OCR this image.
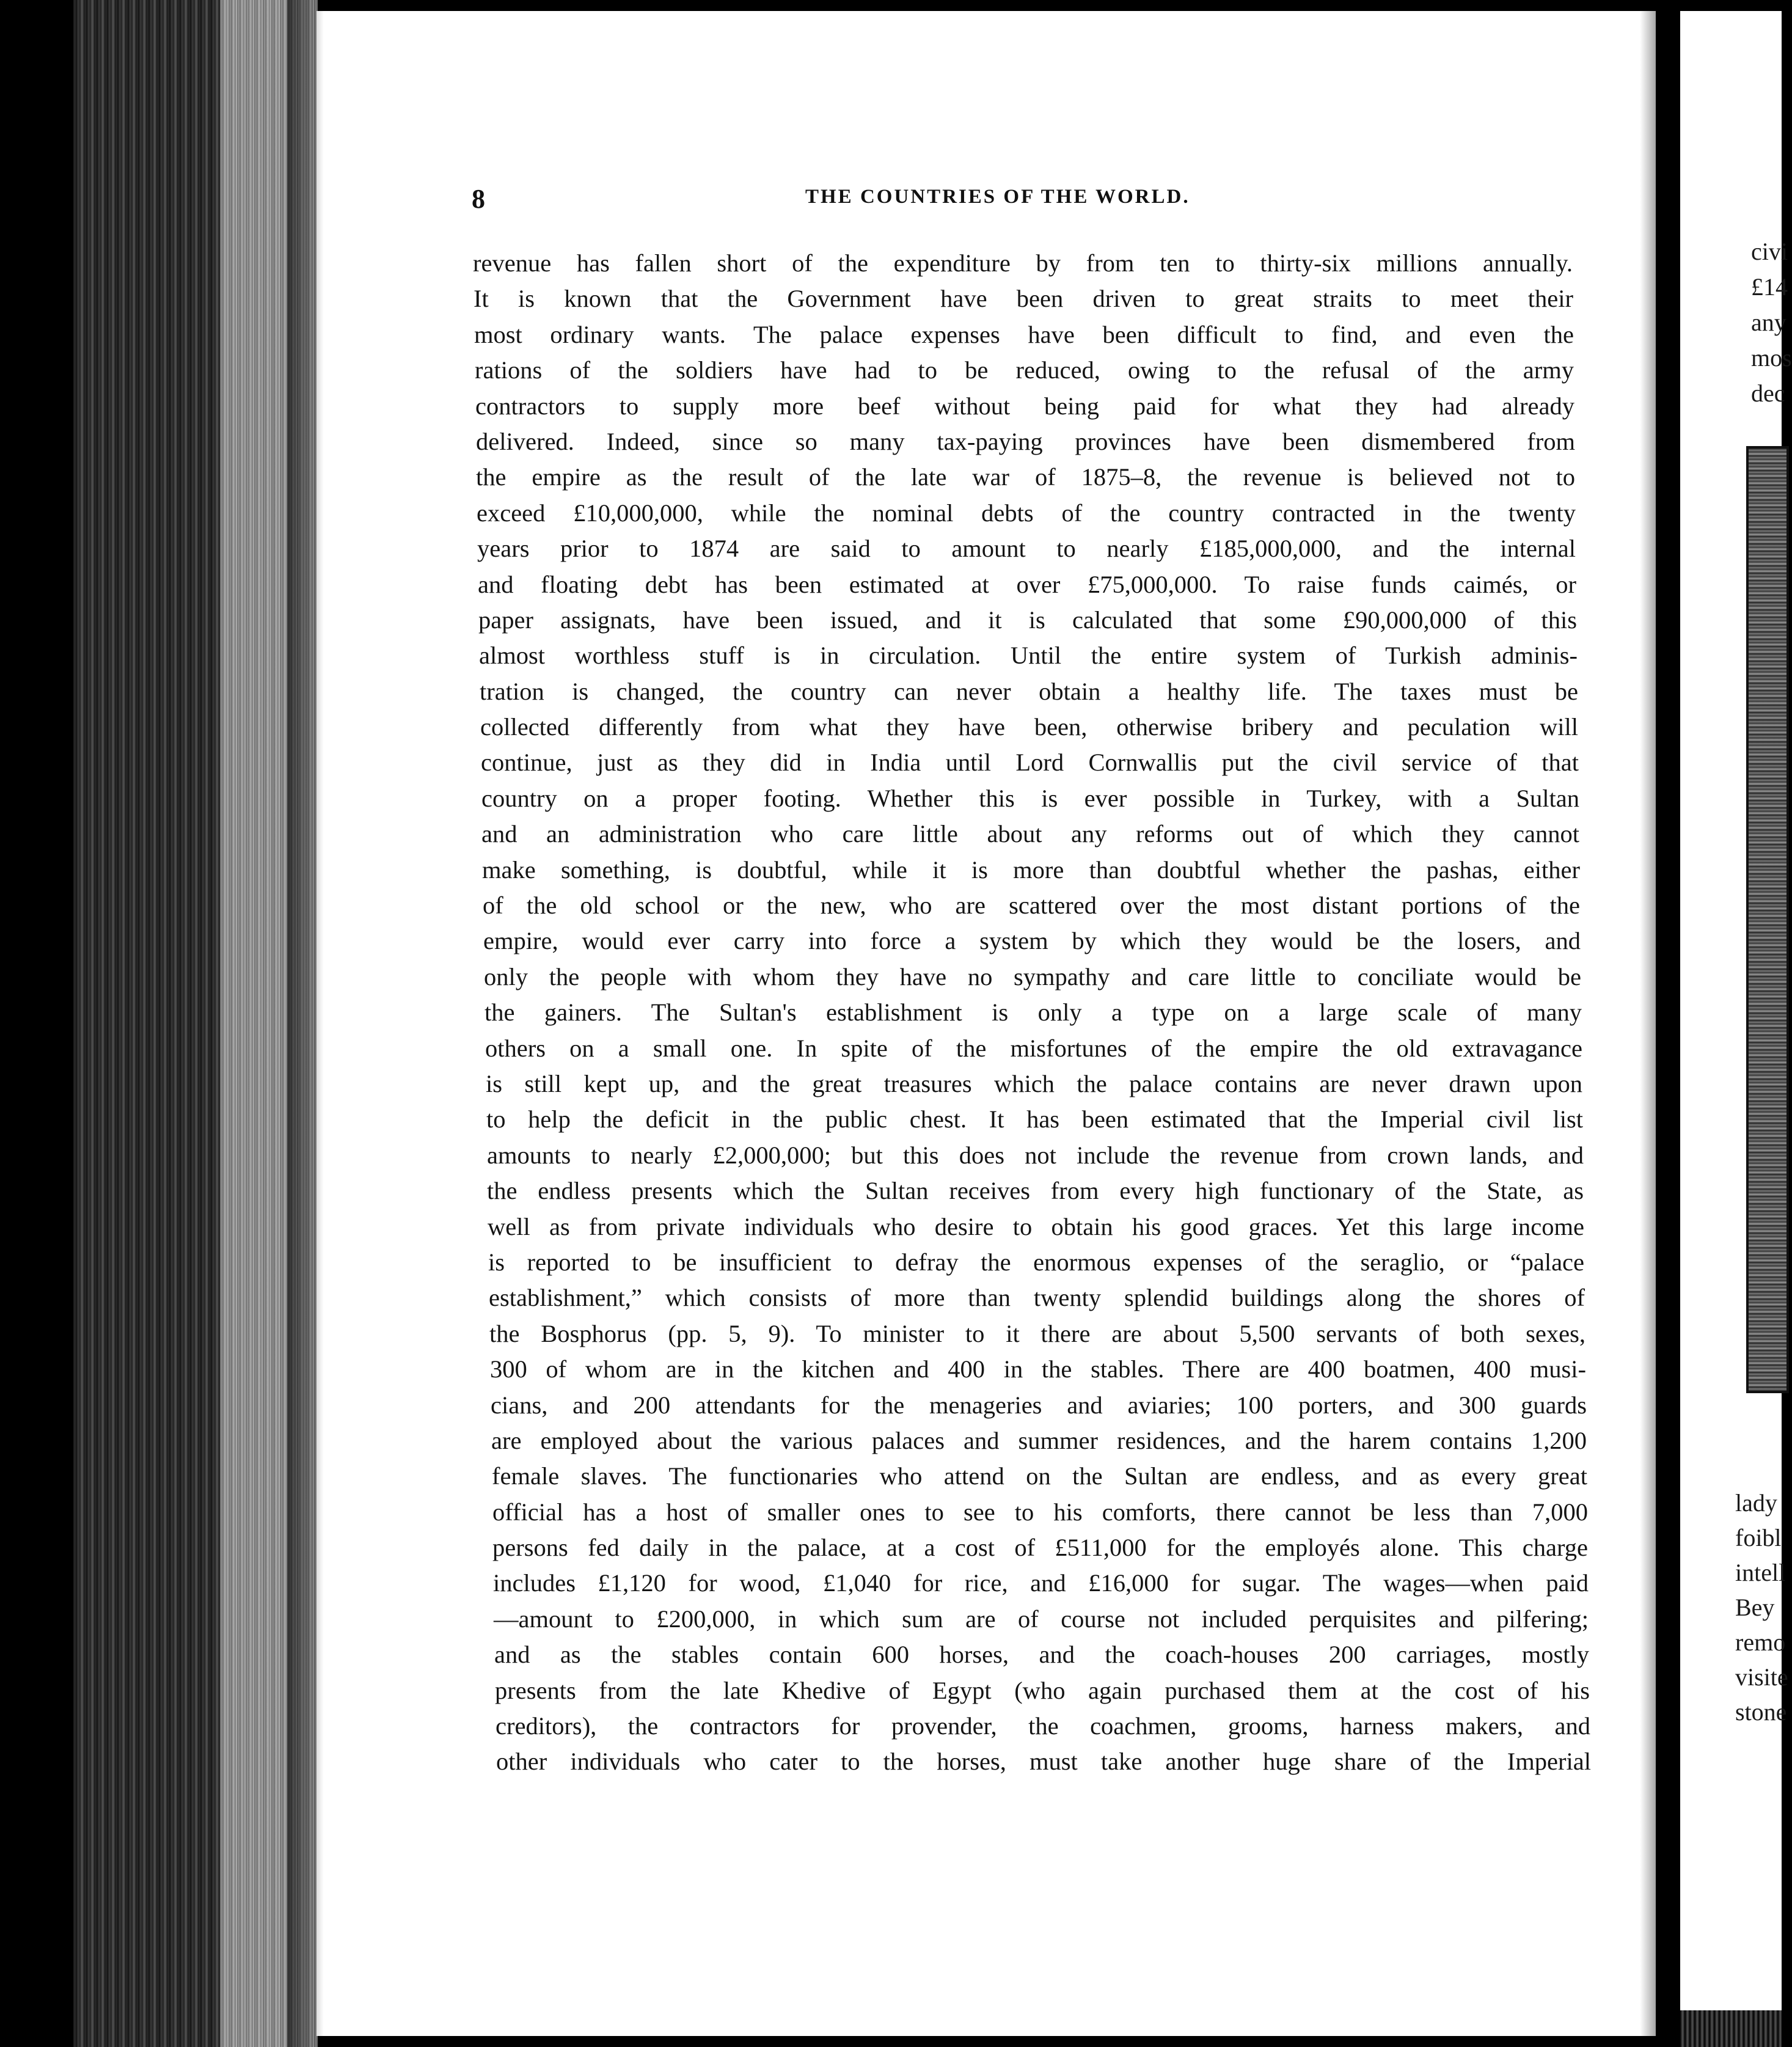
8	THE COUNTRIES OF THE WORLD.
revenue has fallen short of the expenditure by from ten to thirty-six millions annually.
It is known that the Government have been driven to great straits to meet their
most ordinary wants. The palace expenses have been difficult to find, and even the
rations of the soldiers have had to be reduced, owing to the refusal of the army
contractors to supply more beef without being paid for what they had already
delivered. Indeed, since so many tax-paying provinces have been dismembered from
the empire as the result of the late war of 1875–8, the revenue is believed not to
exceed £10,000,000, while the nominal debts of the country contracted in the twenty
years prior to 1874 are said to amount to nearly £185,000,000, and the internal
and floating debt has been estimated at over £75,000,000. To raise funds caimés, or
paper assignats, have been issued, and it is calculated that some £90,000,000 of this
almost worthless stuff is in circulation. Until the entire system of Turkish adminis-
tration is changed, the country can never obtain a healthy life. The taxes must be
collected differently from what they have been, otherwise bribery and peculation will
continue, just as they did in India until Lord Cornwallis put the civil service of that
country on a proper footing. Whether this is ever possible in Turkey, with a Sultan
and an administration who care little about any reforms out of which they cannot
make something, is doubtful, while it is more than doubtful whether the pashas, either
of the old school or the new, who are scattered over the most distant portions of the
empire, would ever carry into force a system by which they would be the losers, and
only the people with whom they have no sympathy and care little to conciliate would be
the gainers. The Sultan's establishment is only a type on a large scale of many
others on a small one. In spite of the misfortunes of the empire the old extravagance
is still kept up, and the great treasures which the palace contains are never drawn upon
to help the deficit in the public chest. It has been estimated that the Imperial civil list
amounts to nearly £2,000,000; but this does not include the revenue from crown lands, and
the endless presents which the Sultan receives from every high functionary of the State, as
well as from private individuals who desire to obtain his good graces. Yet this large income
is reported to be insufficient to defray the enormous expenses of the seraglio, or “palace
establishment,” which consists of more than twenty splendid buildings along the shores of
the Bosphorus (pp. 5, 9). To minister to it there are about 5,500 servants of both sexes,
300 of whom are in the kitchen and 400 in the stables. There are 400 boatmen, 400 musi-
cians, and 200 attendants for the menageries and aviaries; 100 porters, and 300 guards
are employed about the various palaces and summer residences, and the harem contains 1,200
female slaves. The functionaries who attend on the Sultan are endless, and as every great
official has a host of smaller ones to see to his comforts, there cannot be less than 7,000
persons fed daily in the palace, at a cost of £511,000 for the employés alone. This charge
includes £1,120 for wood, £1,040 for rice, and £16,000 for sugar. The wages—when paid
—amount to £200,000, in which sum are of course not included perquisites and pilfering;
and as the stables contain 600 horses, and the coach-houses 200 carriages, mostly
presents from the late Khedive of Egypt (who again purchased them at the cost of his
creditors), the contractors for provender, the coachmen, grooms, harness makers, and
other individuals who cater to the horses, must take another huge share of the Imperial
civi
£14
any
mos
dec
lady
foibl
intell
Bey
remo
visite
stone
